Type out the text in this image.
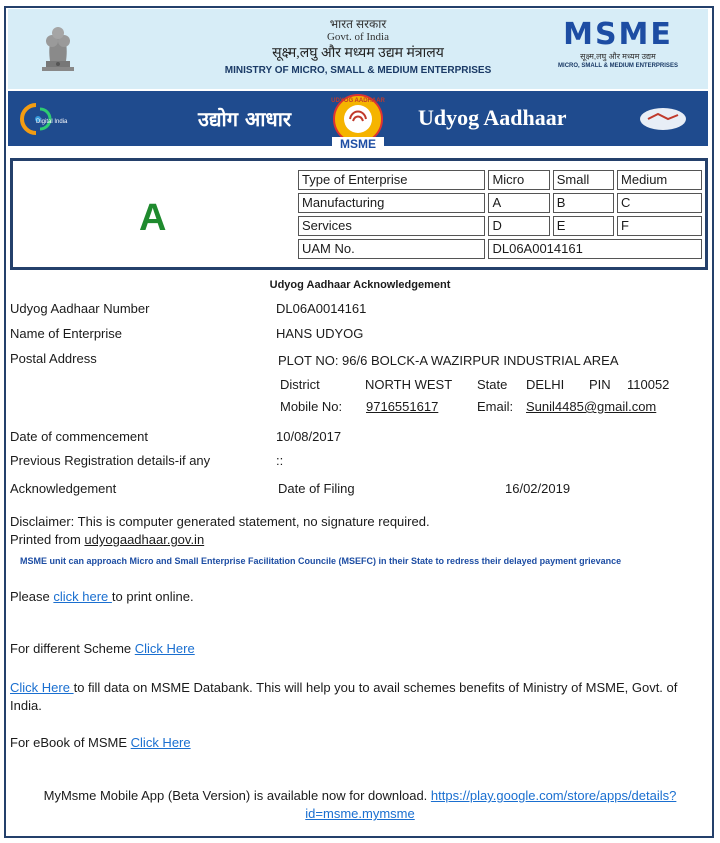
भारत सरकार
Govt. of India
सूक्ष्म,लघु और मध्यम उद्यम मंत्रालय
MINISTRY OF MICRO, SMALL & MEDIUM ENTERPRISES
MSME
सूक्ष्म,लघु और मध्यम उद्यम
MICRO, SMALL & MEDIUM ENTERPRISES
Digital India	उद्योग आधार
UDYOG AADHAAR
MSME
Udyog Aadhaar
A
Type of Enterprise	Micro	Small	Medium
Manufacturing	A	B	C
Services	D	E	F
UAM No.	DL06A0014161		
Udyog Aadhaar Acknowledgement
Udyog Aadhaar Number	DL06A0014161
Name of Enterprise	HANS UDYOG
Postal Address	PLOT NO: 96/6 BOLCK-A WAZIRPUR INDUSTRIAL AREA
District	NORTH WEST State DELHI PIN 110052
Mobile No: 9716551617	Email: Sunil4485@gmail.com
Date of commencement	10/08/2017
Previous Registration details-if any	::
Acknowledgement	Date of Filing	16/02/2019
Disclaimer: This is computer generated statement, no signature required.
Printed from udyogaadhaar.gov.in
MSME unit can approach Micro and Small Enterprise Facilitation Councile (MSEFC) in their State to redress their delayed payment grievance
Please click here to print online.
For different Scheme Click Here
Click Here to fill data on MSME Databank. This will help you to avail schemes benefits of Ministry of MSME, Govt. of
India.
For eBook of MSME Click Here
MyMsme Mobile App (Beta Version) is available now for download. https://play.google.com/store/apps/details?
id=msme.mymsme
